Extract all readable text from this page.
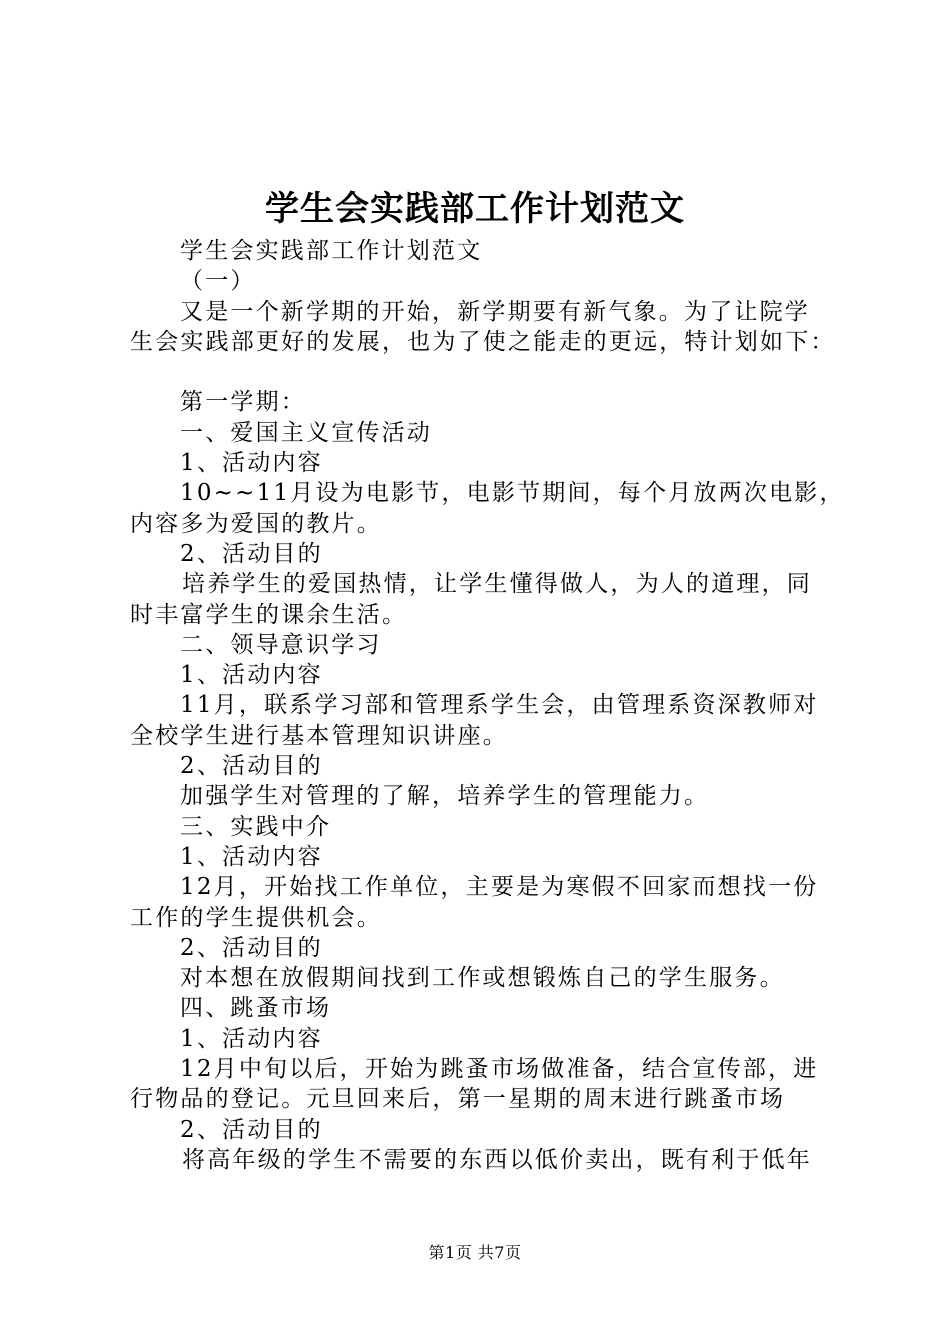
学生会实践部工作计划范文
学生会实践部工作计划范文
（一）
又是一个新学期的开始，新学期要有新气象。为了让院学
生会实践部更好的发展，也为了使之能走的更远，特计划如下：
第一学期：
一、爱国主义宣传活动
1、活动内容
10~~11月设为电影节，电影节期间，每个月放两次电影，
内容多为爱国的教片。
2、活动目的
培养学生的爱国热情，让学生懂得做人，为人的道理，同
时丰富学生的课余生活。
二、领导意识学习
1、活动内容
11月，联系学习部和管理系学生会，由管理系资深教师对
全校学生进行基本管理知识讲座。
2、活动目的
加强学生对管理的了解，培养学生的管理能力。
三、实践中介
1、活动内容
12月，开始找工作单位，主要是为寒假不回家而想找一份
工作的学生提供机会。
2、活动目的
对本想在放假期间找到工作或想锻炼自己的学生服务。
四、跳蚤市场
1、活动内容
12月中旬以后，开始为跳蚤市场做准备，结合宣传部，进
行物品的登记。元旦回来后，第一星期的周末进行跳蚤市场
2、活动目的
将高年级的学生不需要的东西以低价卖出，既有利于低年
第1页 共7页
